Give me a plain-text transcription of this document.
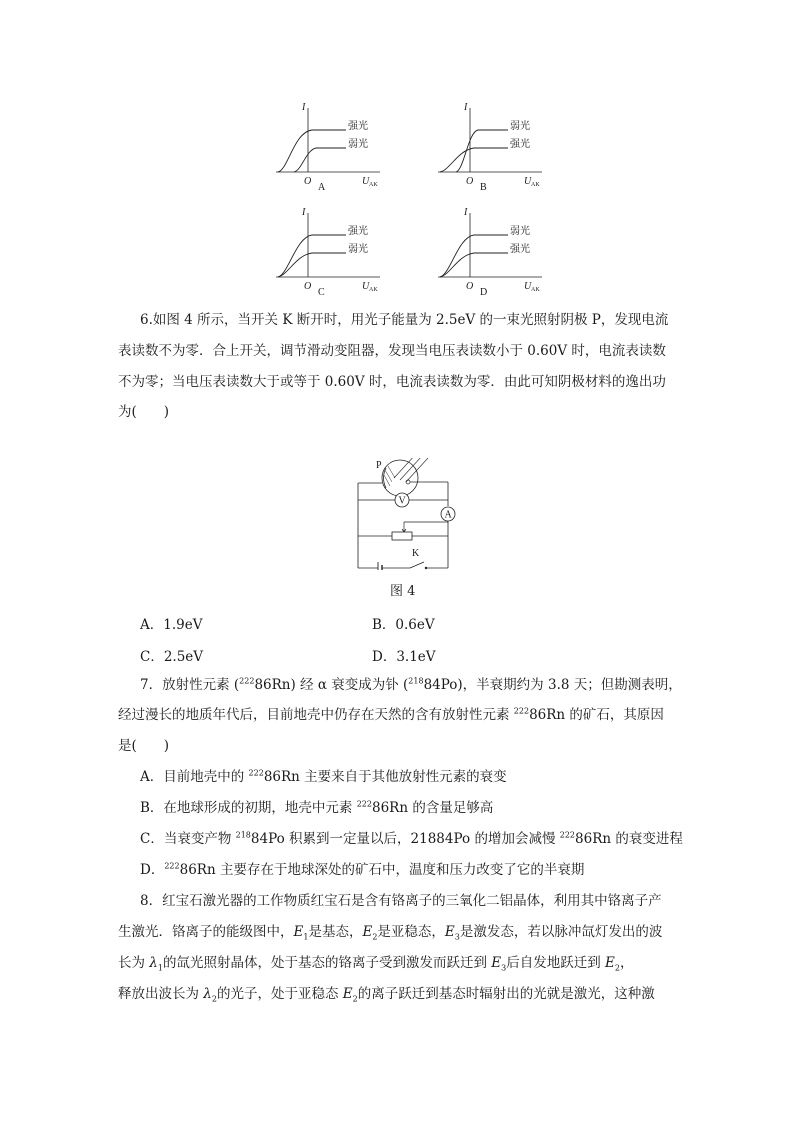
I
O	U AK
强光
弱光
A
I
O	U AK
弱光
强光
B
I
O	U AK
强光
弱光
C
I
O	U AK
弱光
强光
D
6.如图 4 所示，当开关 K 断开时，用光子能量为 2.5eV 的一束光照射阴极 P，发现电流
表读数不为零．合上开关，调节滑动变阻器，发现当电压表读数小于 0.60V 时，电流表读数
不为零；当电压表读数大于或等于 0.60V 时，电流表读数为零．由此可知阴极材料的逸出功
为(　　)
P
V
A
K
图 4
A．1.9eV	B．0.6eV
C．2.5eV	D．3.1eV
7．放射性元素 ($^{222}$86Rn) 经 α 衰变成为钋 ($^{218}$84Po)，半衰期约为 3.8 天；但勘测表明，
经过漫长的地质年代后，目前地壳中仍存在天然的含有放射性元素 $^{222}$86Rn 的矿石，其原因
是(　　)
A．目前地壳中的 $^{222}$86Rn 主要来自于其他放射性元素的衰变
B．在地球形成的初期，地壳中元素 $^{222}$86Rn 的含量足够高
C．当衰变产物 $^{218}$84Po 积累到一定量以后，21884Po 的增加会减慢 $^{222}$86Rn 的衰变进程
D．$^{222}$86Rn 主要存在于地球深处的矿石中，温度和压力改变了它的半衰期
8．红宝石激光器的工作物质红宝石是含有铬离子的三氧化二铝晶体，利用其中铬离子产
生激光．铬离子的能级图中，$E_1$是基态，$E_2$是亚稳态，$E_3$是激发态，若以脉冲氙灯发出的波
长为 $\lambda_1$的氙光照射晶体，处于基态的铬离子受到激发而跃迁到 $E_3$后自发地跃迁到 $E_2$，
释放出波长为 $\lambda_2$的光子，处于亚稳态 $E_2$的离子跃迁到基态时辐射出的光就是激光，这种激
